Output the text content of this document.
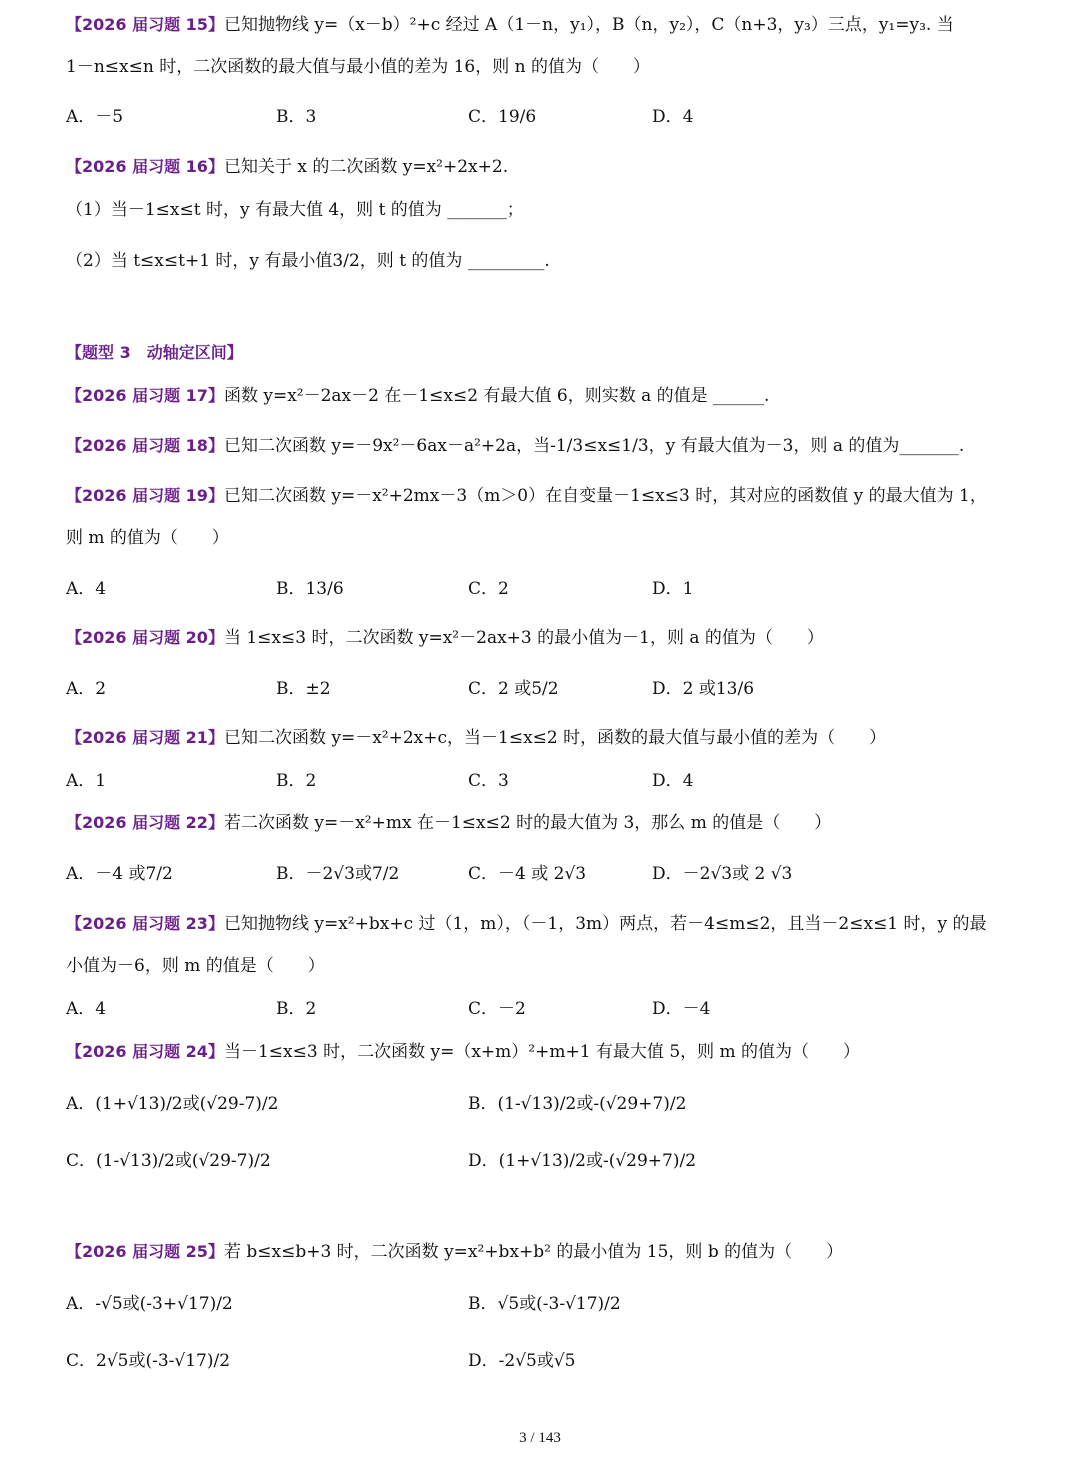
【2026 届习题 15】已知抛物线 y=（x－b）²+c 经过 A（1－n，y₁），B（n，y₂），C（n+3，y₃）三点，y₁=y₃. 当
1－n≤x≤n 时，二次函数的最大值与最小值的差为 16，则 n 的值为（　　）
A．－5	B．3	C．19/6	D．4
【2026 届习题 16】已知关于 x 的二次函数 y=x²+2x+2.
（1）当－1≤x≤t 时，y 有最大值 4，则 t 的值为 _______；
（2）当 t≤x≤t+1 时，y 有最小值3/2，则 t 的值为 _________.
【题型 3　动轴定区间】
【2026 届习题 17】函数 y=x²－2ax－2 在－1≤x≤2 有最大值 6，则实数 a 的值是 ______.
【2026 届习题 18】已知二次函数 y=－9x²－6ax－a²+2a，当-1/3≤x≤1/3，y 有最大值为－3，则 a 的值为_______.
【2026 届习题 19】已知二次函数 y=－x²+2mx－3（m＞0）在自变量－1≤x≤3 时，其对应的函数值 y 的最大值为 1，
则 m 的值为（　　）
A．4	B．13/6	C．2	D．1
【2026 届习题 20】当 1≤x≤3 时，二次函数 y=x²－2ax+3 的最小值为－1，则 a 的值为（　　）
A．2	B．±2	C．2 或5/2	D．2 或13/6
【2026 届习题 21】已知二次函数 y=－x²+2x+c，当－1≤x≤2 时，函数的最大值与最小值的差为（　　）
A．1	B．2	C．3	D．4
【2026 届习题 22】若二次函数 y=－x²+mx 在－1≤x≤2 时的最大值为 3，那么 m 的值是（　　）
A．－4 或7/2	B．－2√3或7/2	C．－4 或 2√3	D．－2√3或 2 √3
【2026 届习题 23】已知抛物线 y=x²+bx+c 过（1，m），（－1，3m）两点，若－4≤m≤2，且当－2≤x≤1 时，y 的最
小值为－6，则 m 的值是（　　）
A．4	B．2	C．－2	D．－4
【2026 届习题 24】当－1≤x≤3 时，二次函数 y=（x+m）²+m+1 有最大值 5，则 m 的值为（　　）
A．(1+√13)/2或(√29-7)/2	B．(1-√13)/2或-(√29+7)/2
C．(1-√13)/2或(√29-7)/2	D．(1+√13)/2或-(√29+7)/2
【2026 届习题 25】若 b≤x≤b+3 时，二次函数 y=x²+bx+b² 的最小值为 15，则 b 的值为（　　）
A．-√5或(-3+√17)/2	B．√5或(-3-√17)/2
C．2√5或(-3-√17)/2	D．-2√5或√5
3 / 143
